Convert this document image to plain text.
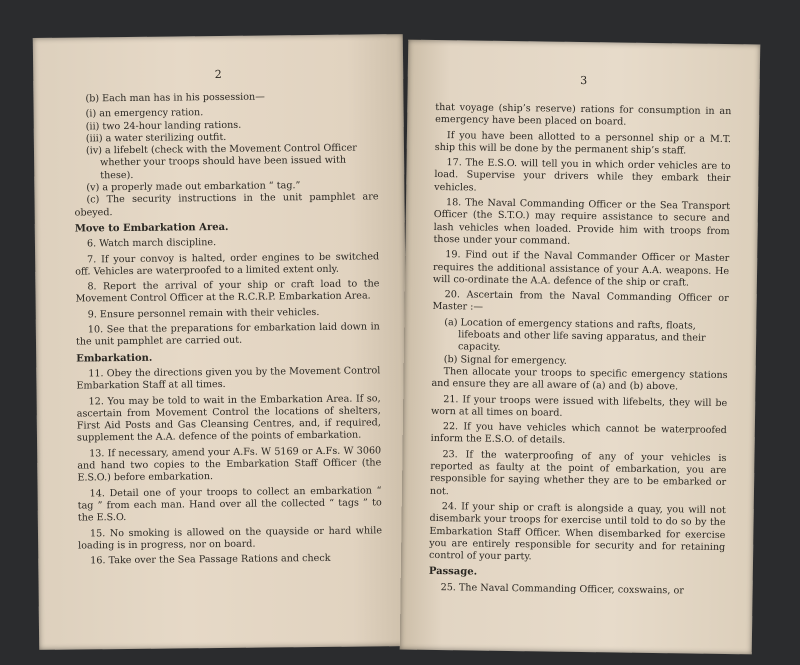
2

(b) Each man has in his possession—

(i) an emergency ration.

(ii) two 24-hour landing rations.

(iii) a water sterilizing outfit.

(iv) a lifebelt (check with the Movement Control Officer whether your troops should have been issued with these).

(v) a properly made out embarkation “ tag.”

(c) The security instructions in the unit pamphlet are obeyed.

Move to Embarkation Area.

6. Watch march discipline.

7. If your convoy is halted, order engines to be switched off. Vehicles are waterproofed to a limited extent only.

8. Report the arrival of your ship or craft load to the Movement Control Officer at the R.C.R.P. Embarkation Area.

9. Ensure personnel remain with their vehicles.

10. See that the preparations for embarkation laid down in the unit pamphlet are carried out.

Embarkation.

11. Obey the directions given you by the Movement Control Embarkation Staff at all times.

12. You may be told to wait in the Embarkation Area. If so, ascertain from Movement Control the locations of shelters, First Aid Posts and Gas Cleansing Centres, and, if required, supplement the A.A. defence of the points of embarkation.

13. If necessary, amend your A.Fs. W 5169 or A.Fs. W 3060 and hand two copies to the Embarkation Staff Officer (the E.S.O.) before embarkation.

14. Detail one of your troops to collect an embarkation “ tag ” from each man. Hand over all the collected “ tags ” to the E.S.O.

15. No smoking is allowed on the quayside or hard while loading is in progress, nor on board.

16. Take over the Sea Passage Rations and check

3

that voyage (ship’s reserve) rations for consumption in an emergency have been placed on board.

If you have been allotted to a personnel ship or a M.T. ship this will be done by the permanent ship’s staff.

17. The E.S.O. will tell you in which order vehicles are to load. Supervise your drivers while they embark their vehicles.

18. The Naval Commanding Officer or the Sea Transport Officer (the S.T.O.) may require assistance to secure and lash vehicles when loaded. Provide him with troops from those under your command.

19. Find out if the Naval Commander Officer or Master requires the additional assistance of your A.A. weapons. He will co-ordinate the A.A. defence of the ship or craft.

20. Ascertain from the Naval Commanding Officer or Master :—

(a) Location of emergency stations and rafts, floats, lifeboats and other life saving apparatus, and their capacity.

(b) Signal for emergency.

Then allocate your troops to specific emergency stations and ensure they are all aware of (a) and (b) above.

21. If your troops were issued with lifebelts, they will be worn at all times on board.

22. If you have vehicles which cannot be waterproofed inform the E.S.O. of details.

23. If the waterproofing of any of your vehicles is reported as faulty at the point of embarkation, you are responsible for saying whether they are to be embarked or not.

24. If your ship or craft is alongside a quay, you will not disembark your troops for exercise until told to do so by the Embarkation Staff Officer. When disembarked for exercise you are entirely responsible for security and for retaining control of your party.

Passage.

25. The Naval Commanding Officer, coxswains, or
